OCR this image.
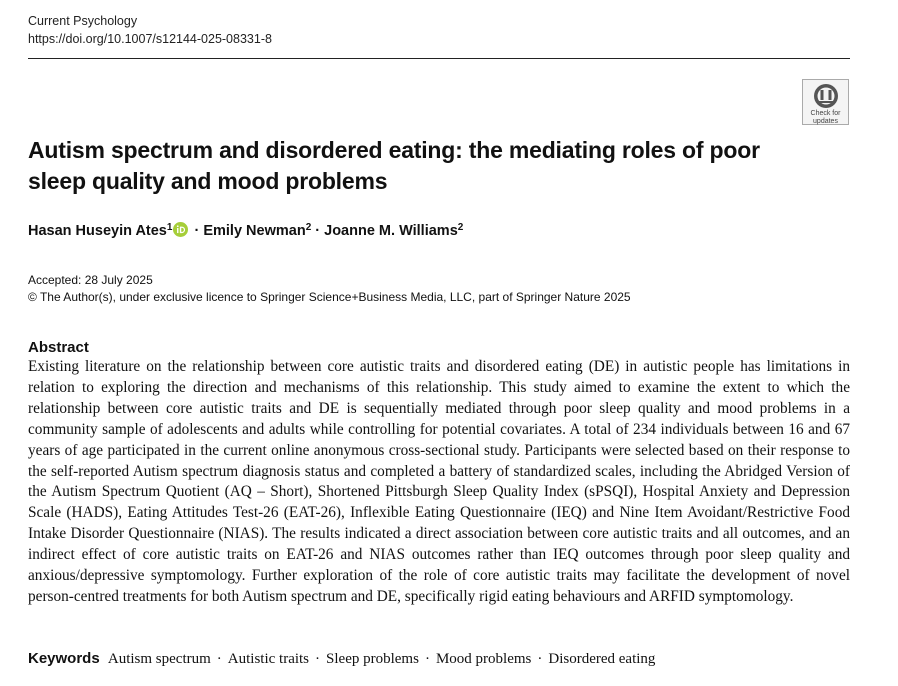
Current Psychology
https://doi.org/10.1007/s12144-025-08331-8
Check for
updates
Autism spectrum and disordered eating: the mediating roles of poor sleep quality and mood problems
Hasan Huseyin Ates$^1$ · Emily Newman$^2$ · Joanne M. Williams$^2$
Accepted: 28 July 2025
© The Author(s), under exclusive licence to Springer Science+Business Media, LLC, part of Springer Nature 2025
Abstract

Existing literature on the relationship between core autistic traits and disordered eating (DE) in autistic people has limitations in relation to exploring the direction and mechanisms of this relationship. This study aimed to examine the extent to which the relationship between core autistic traits and DE is sequentially mediated through poor sleep quality and mood problems in a community sample of adolescents and adults while controlling for potential covariates. A total of 234 individuals between 16 and 67 years of age participated in the current online anonymous cross-sectional study. Participants were selected based on their response to the self-reported Autism spectrum diagnosis status and completed a battery of standardized scales, including the Abridged Version of the Autism Spectrum Quotient (AQ – Short), Shortened Pittsburgh Sleep Quality Index (sPSQI), Hospital Anxiety and Depression Scale (HADS), Eating Attitudes Test-26 (EAT-26), Inflexible Eating Questionnaire (IEQ) and Nine Item Avoidant/Restrictive Food Intake Disorder Questionnaire (NIAS). The results indicated a direct association between core autistic traits and all outcomes, and an indirect effect of core autistic traits on EAT-26 and NIAS outcomes rather than IEQ outcomes through poor sleep quality and anxious/depressive symptomology. Further exploration of the role of core autistic traits may facilitate the development of novel person-centred treatments for both Autism spectrum and DE, specifically rigid eating behaviours and ARFID symptomology.

Keywords Autism spectrum · Autistic traits · Sleep problems · Mood problems · Disordered eating
